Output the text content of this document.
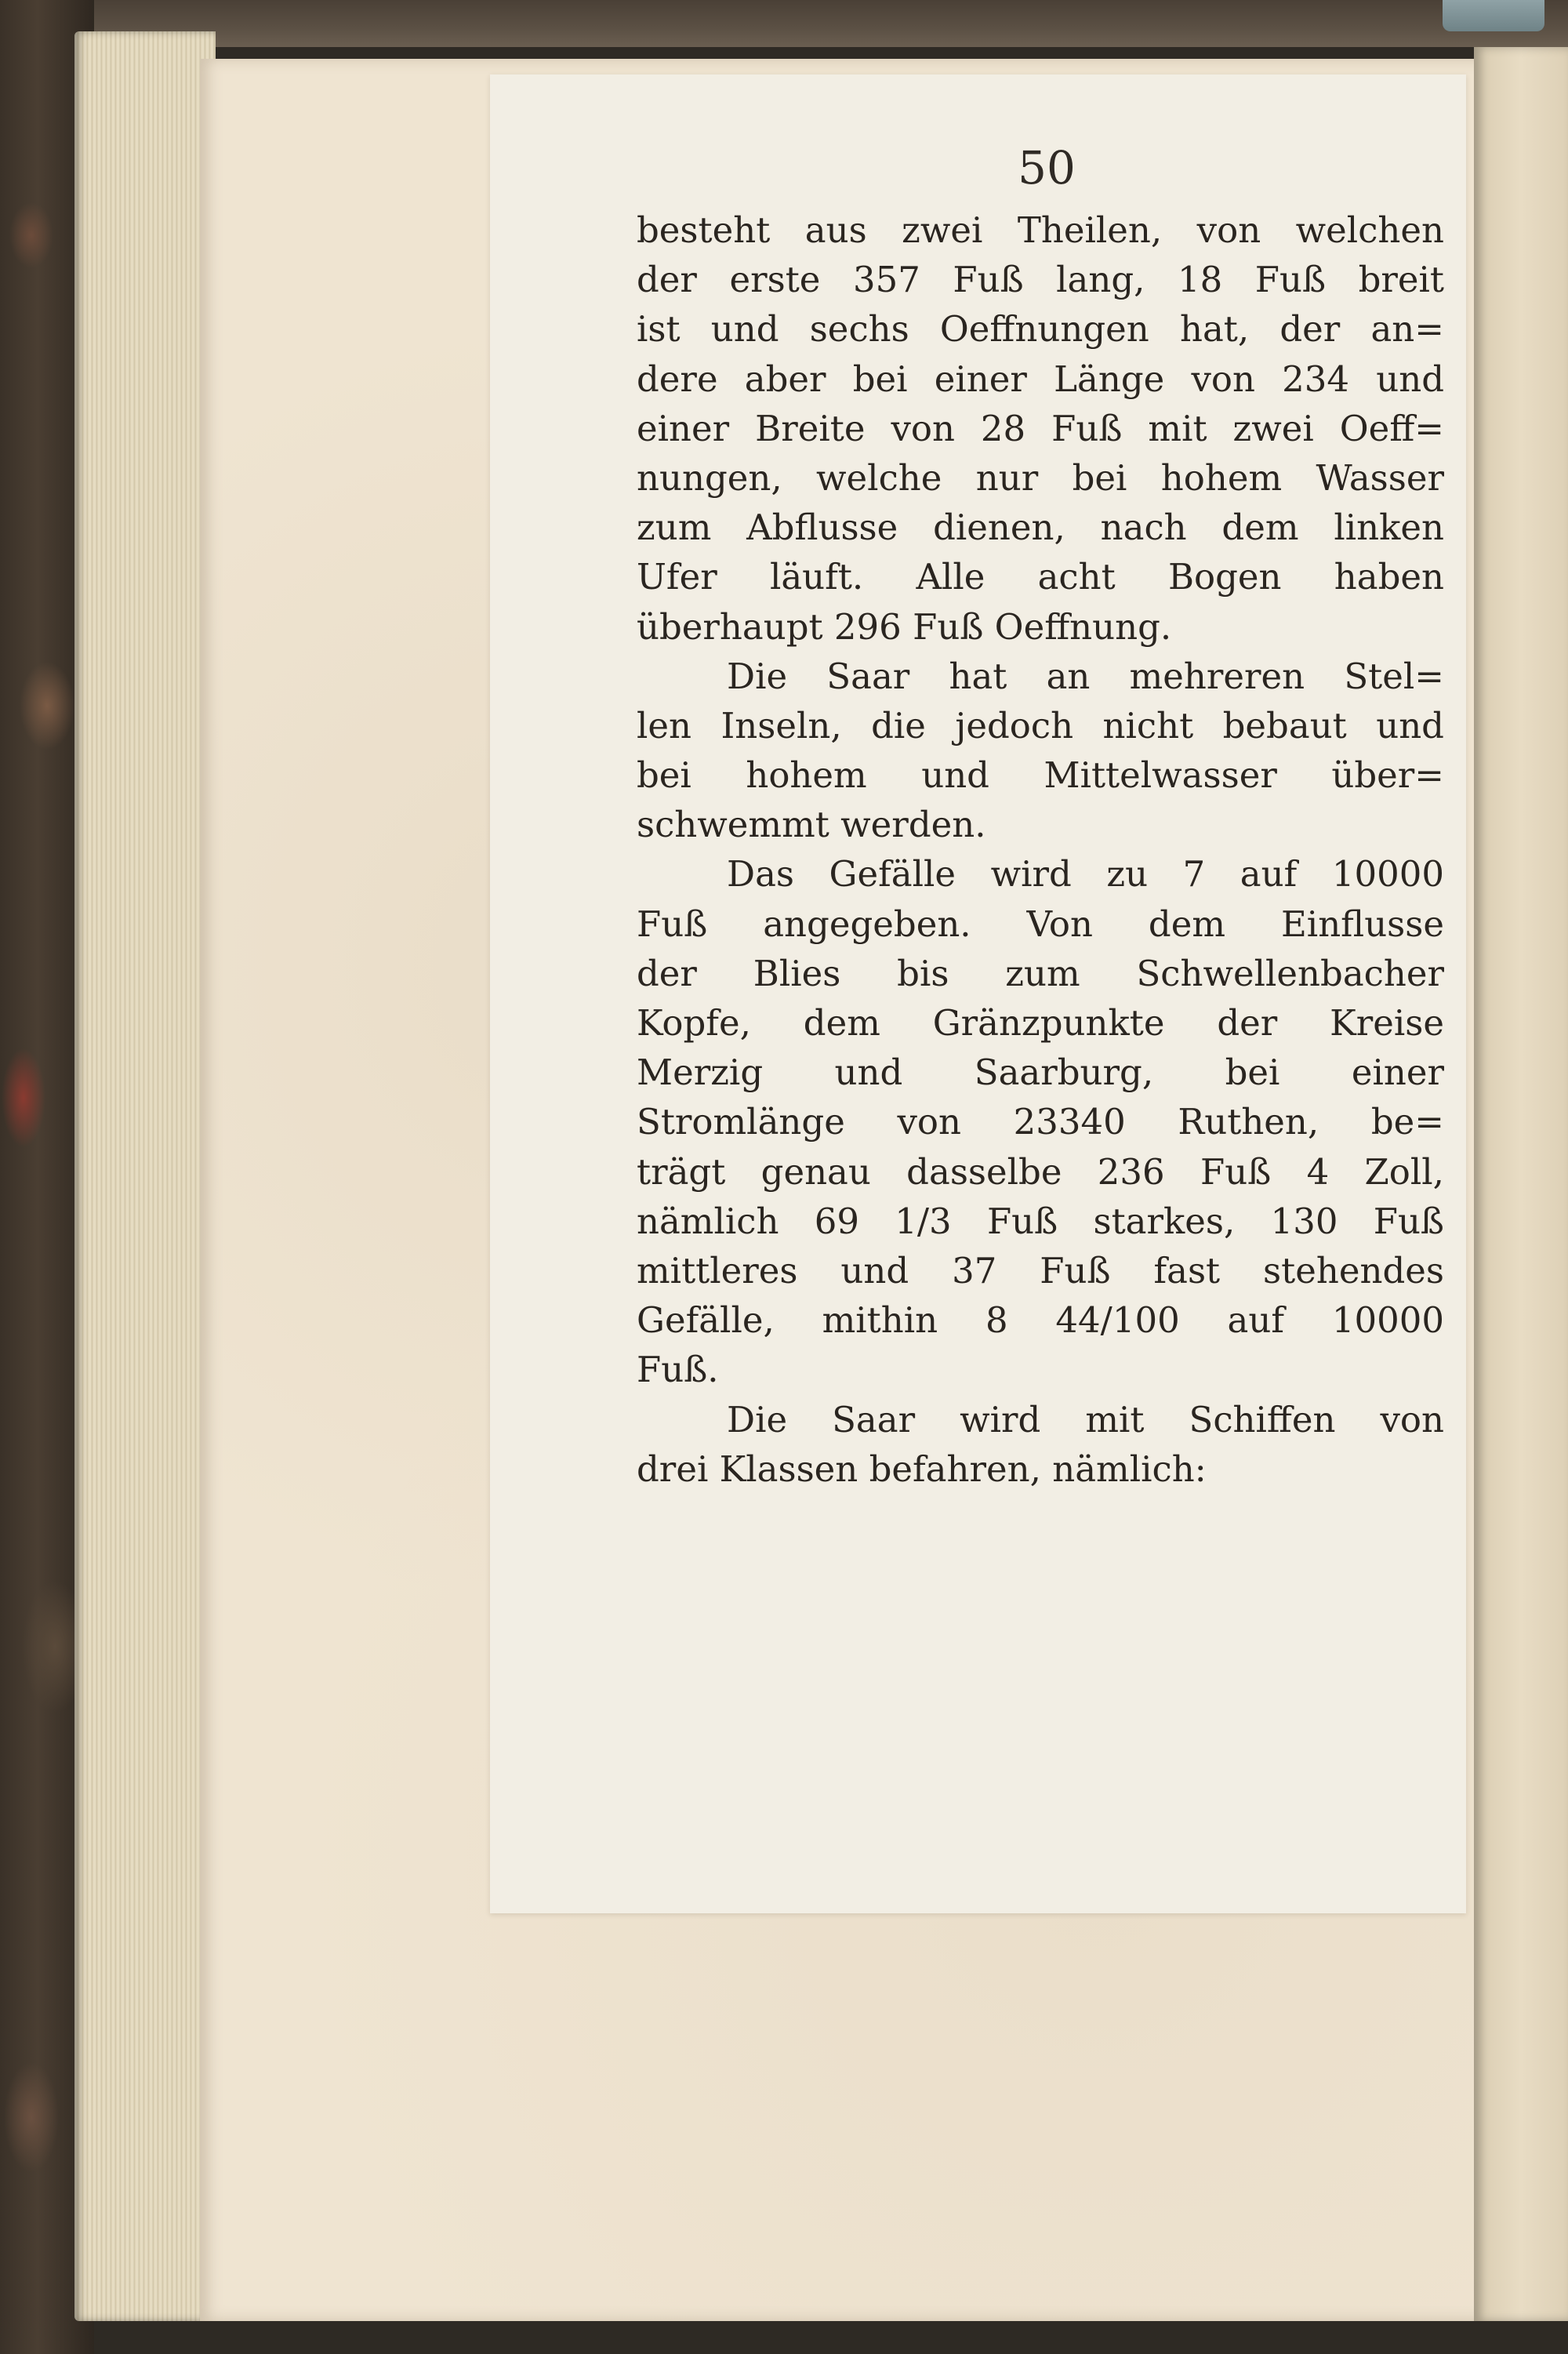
50
besteht aus zwei Theilen, von welchen
der erste 357 Fuß lang, 18 Fuß breit
ist und sechs Oeffnungen hat, der an=
dere aber bei einer Länge von 234 und
einer Breite von 28 Fuß mit zwei Oeff=
nungen, welche nur bei hohem Wasser
zum Abflusse dienen, nach dem linken
Ufer läuft. Alle acht Bogen haben
überhaupt 296 Fuß Oeffnung.
Die Saar hat an mehreren Stel=
len Inseln, die jedoch nicht bebaut und
bei hohem und Mittelwasser über=
schwemmt werden.
Das Gefälle wird zu 7 auf 10000
Fuß angegeben. Von dem Einflusse
der Blies bis zum Schwellenbacher
Kopfe, dem Gränzpunkte der Kreise
Merzig und Saarburg, bei einer
Stromlänge von 23340 Ruthen, be=
trägt genau dasselbe 236 Fuß 4 Zoll,
nämlich 69 1/3 Fuß starkes, 130 Fuß
mittleres und 37 Fuß fast stehendes
Gefälle, mithin 8 44/100 auf 10000
Fuß.
Die Saar wird mit Schiffen von
drei Klassen befahren, nämlich:
